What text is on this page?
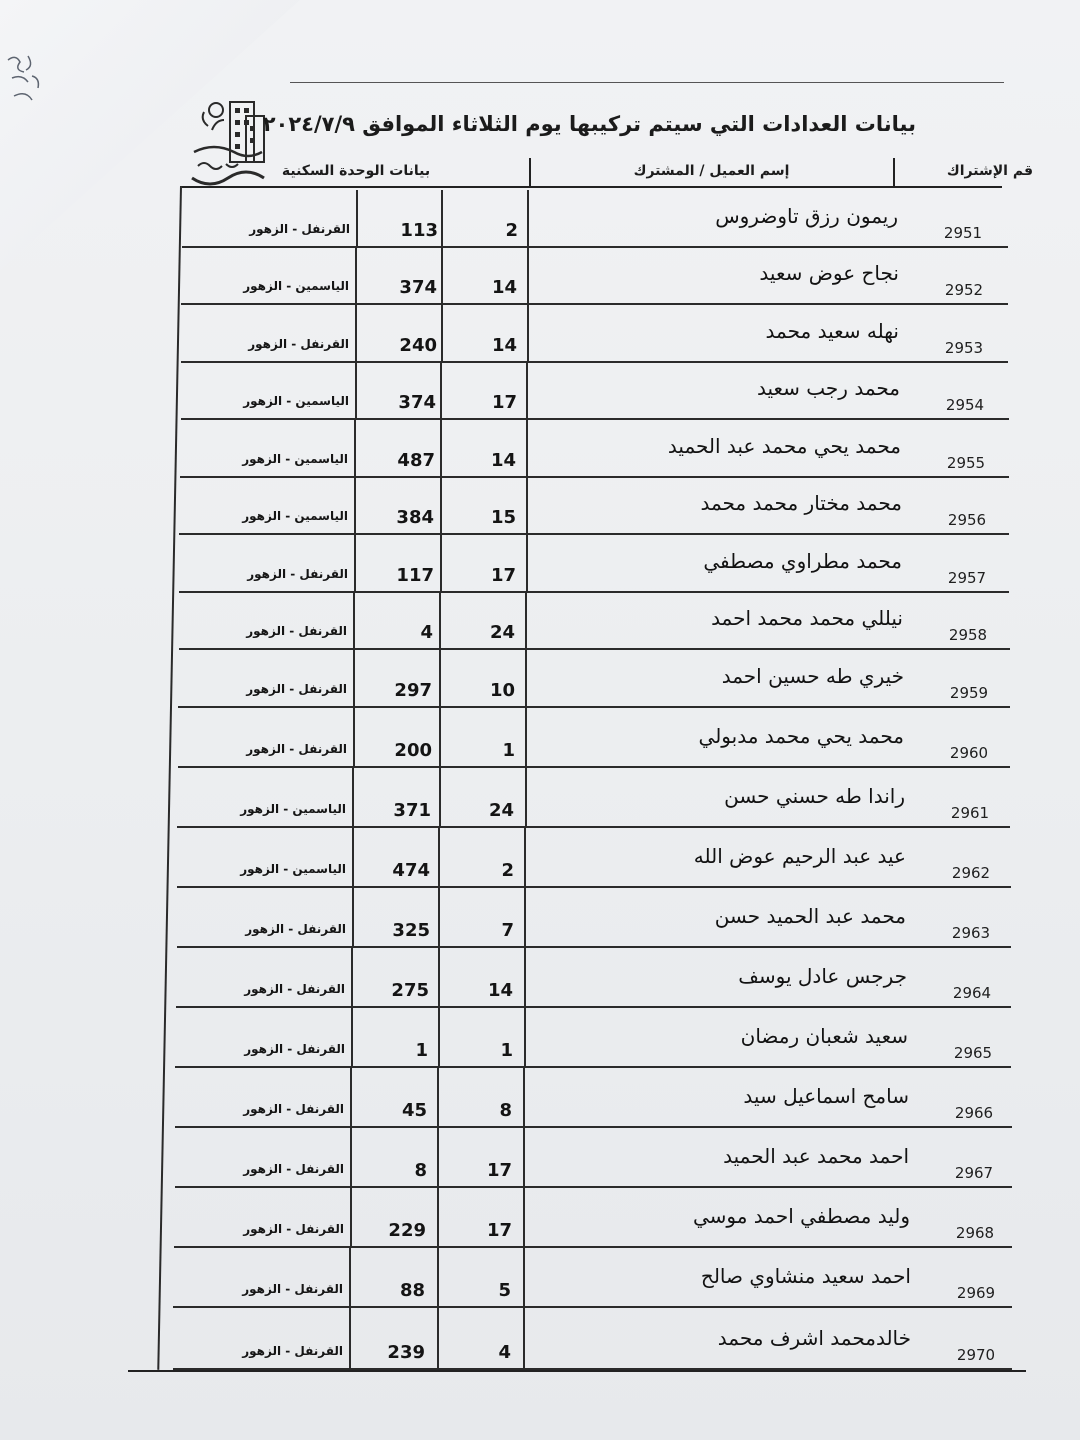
بيانات العدادات التي سيتم تركيبها يوم الثلاثاء الموافق ٢٠٢٤/٧/٩
قم الإشتراك
إسم العميل / المشترك
بيانات الوحدة السكنية
2951
ريمون رزق تاوضروس
2
113
القرنفل - الزهور
2952
نجاح عوض سعيد
14
374
الياسمين - الزهور
2953
نهله سعيد محمد
14
240
القرنفل - الزهور
2954
محمد رجب سعيد
17
374
الياسمين - الزهور
2955
محمد يحي محمد عبد الحميد
14
487
الياسمين - الزهور
2956
محمد مختار محمد محمد
15
384
الياسمين - الزهور
2957
محمد مطراوي مصطفي
17
117
القرنفل - الزهور
2958
نيللي محمد محمد احمد
24
4
القرنفل - الزهور
2959
خيري طه حسين احمد
10
297
القرنفل - الزهور
2960
محمد يحي محمد مدبولي
1
200
القرنفل - الزهور
2961
راندا طه حسني حسن
24
371
الياسمين - الزهور
2962
عيد عبد الرحيم عوض الله
2
474
الياسمين - الزهور
2963
محمد عبد الحميد حسن
7
325
القرنفل - الزهور
2964
جرجس عادل يوسف
14
275
القرنفل - الزهور
2965
سعيد شعبان رمضان
1
1
القرنفل - الزهور
2966
سامح اسماعيل سيد
8
45
القرنفل - الزهور
2967
احمد محمد عبد الحميد
17
8
القرنفل - الزهور
2968
وليد مصطفي احمد موسي
17
229
القرنفل - الزهور
2969
احمد سعيد منشاوي صالح
5
88
القرنفل - الزهور
2970
خالدمحمد اشرف محمد
4
239
القرنفل - الزهور
